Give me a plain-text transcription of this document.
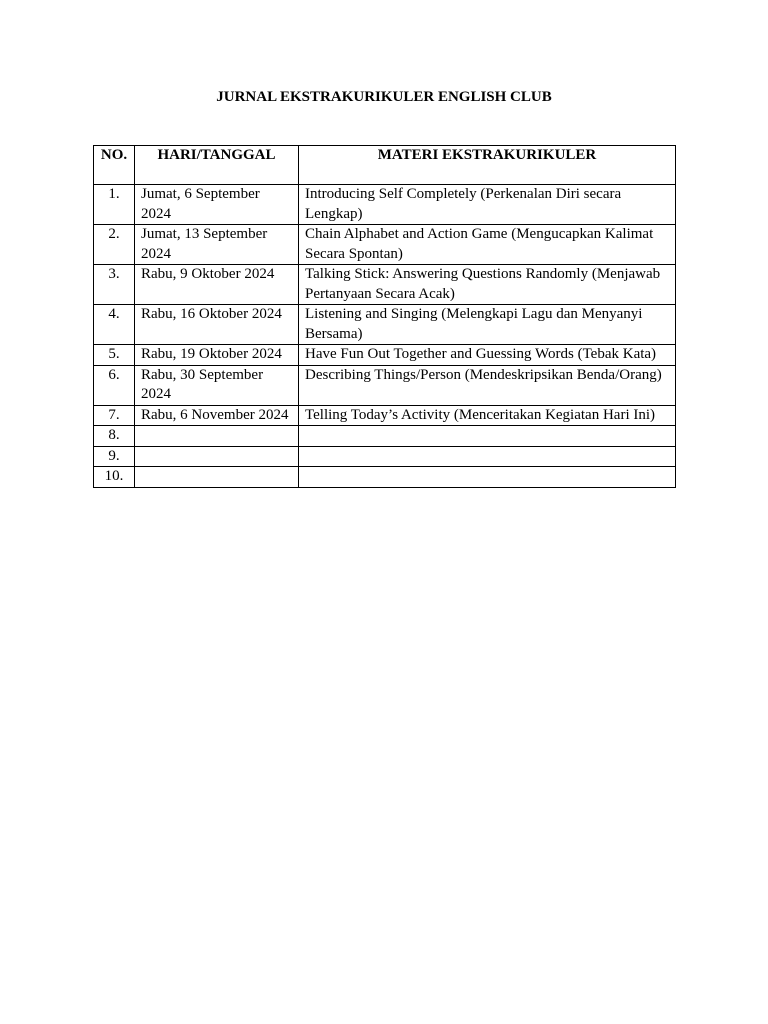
JURNAL EKSTRAKURIKULER ENGLISH CLUB
NO.	HARI/TANGGAL	MATERI EKSTRAKURIKULER
1.	Jumat, 6 September 2024	Introducing Self Completely (Perkenalan Diri secara Lengkap)
2.	Jumat, 13 September 2024	Chain Alphabet and Action Game (Mengucapkan Kalimat Secara Spontan)
3.	Rabu, 9 Oktober 2024	Talking Stick: Answering Questions Randomly (Menjawab Pertanyaan Secara Acak)
4.	Rabu, 16 Oktober 2024	Listening and Singing (Melengkapi Lagu dan Menyanyi Bersama)
5.	Rabu, 19 Oktober 2024	Have Fun Out Together and Guessing Words (Tebak Kata)
6.	Rabu, 30 September 2024	Describing Things/Person (Mendeskripsikan Benda/Orang)
7.	Rabu, 6 November 2024	Telling Today’s Activity (Menceritakan Kegiatan Hari Ini)
8.		
9.		
10.		
